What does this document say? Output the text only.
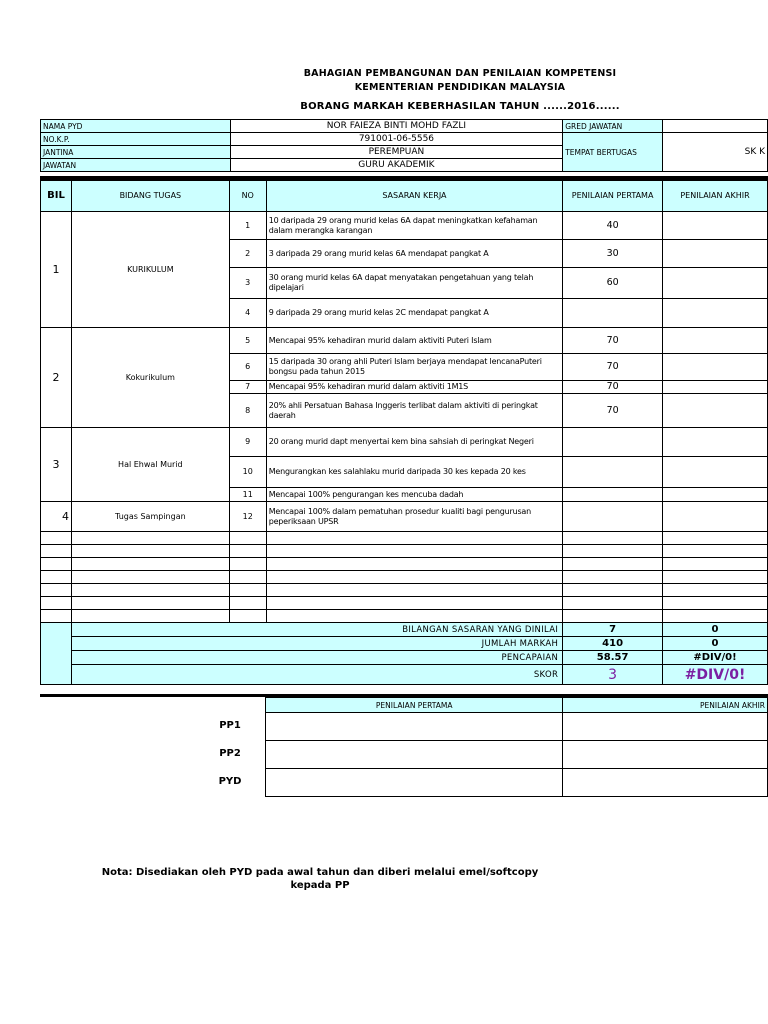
BAHAGIAN PEMBANGUNAN DAN PENILAIAN KOMPETENSI
KEMENTERIAN PENDIDIKAN MALAYSIA
BORANG MARKAH KEBERHASILAN TAHUN ......2016......
NAMA PYD	NOR FAIEZA BINTI MOHD FAZLI	GRED JAWATAN	
NO.K.P.	791001-06-5556	TEMPAT BERTUGAS	SK K
JANTINA	PEREMPUAN		
JAWATAN	GURU AKADEMIK		
BIL	BIDANG TUGAS	NO	SASARAN KERJA	PENILAIAN PERTAMA	PENILAIAN AKHIR
1	KURIKULUM	1	10 daripada 29 orang murid kelas 6A dapat meningkatkan kefahaman dalam merangka karangan	40	
		2	3 daripada 29 orang murid kelas 6A mendapat pangkat A	30	
		3	30 orang murid kelas 6A dapat menyatakan pengetahuan yang telah dipelajari	60	
		4	9 daripada 29 orang murid kelas 2C mendapat pangkat A		
2	Kokurikulum	5	Mencapai 95% kehadiran murid dalam aktiviti Puteri Islam	70	
		6	15 daripada 30 orang ahli Puteri Islam berjaya mendapat lencanaPuteri bongsu pada tahun 2015	70	
		7	Mencapai 95% kehadiran murid dalam aktiviti 1M1S	70	
		8	20% ahli Persatuan Bahasa Inggeris terlibat dalam aktiviti di peringkat daerah	70	
3	Hal Ehwal Murid	9	20 orang murid dapt menyertai kem bina sahsiah di peringkat Negeri		
		10	Mengurangkan kes salahlaku murid daripada 30 kes kepada 20 kes		
		11	Mencapai 100% pengurangan kes mencuba dadah		
4	Tugas Sampingan	12	Mencapai 100% dalam pematuhan prosedur kualiti bagi pengurusan peperiksaan UPSR		

	BILANGAN SASARAN YANG DINILAI			7	0
	JUMLAH MARKAH			410	0
	PENCAPAIAN			58.57	#DIV/0!
	SKOR			3	#DIV/0!
PENILAIAN PERTAMA	PENILAIAN AKHIR

PP1
PP2
PYD
Nota: Disediakan oleh PYD pada awal tahun dan diberi melalui emel/softcopy
kepada PP
